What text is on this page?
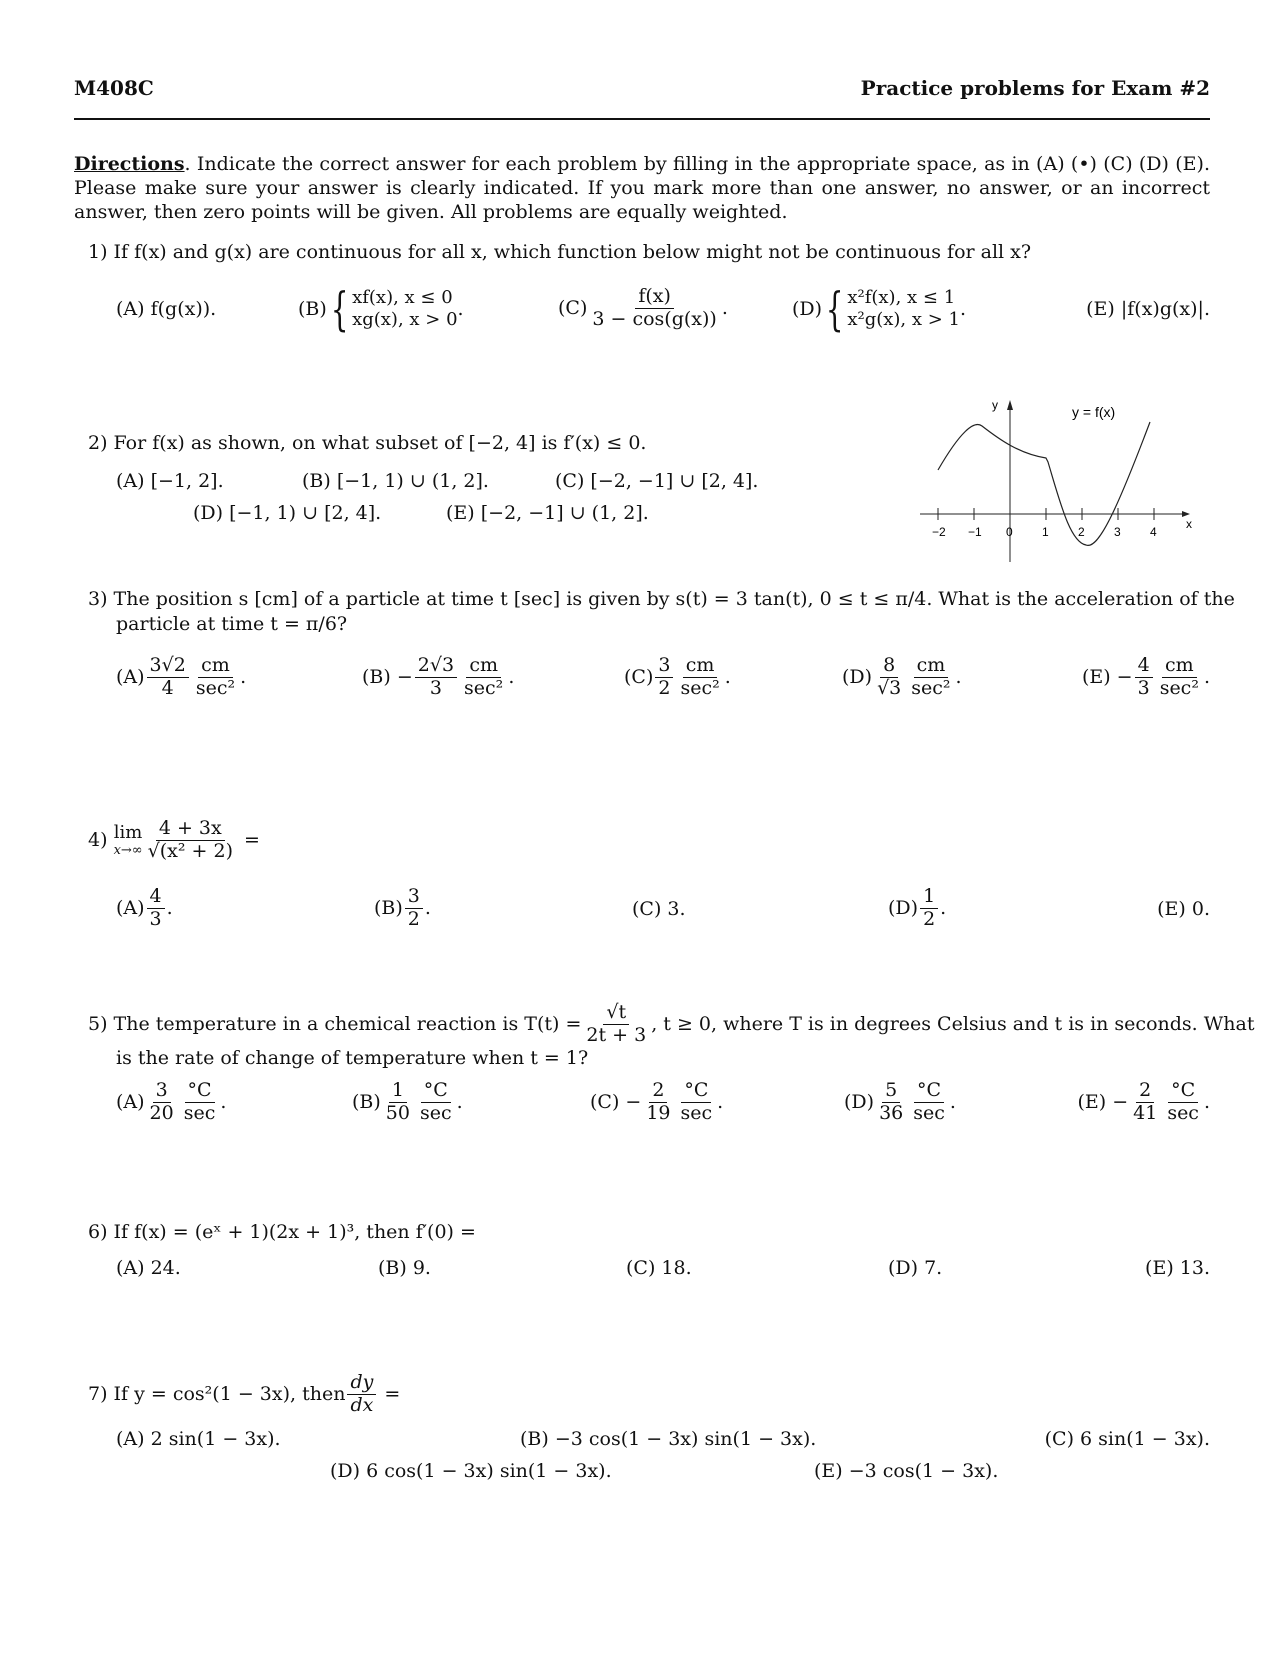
M408C	Practice problems for Exam #2
Directions. Indicate the correct answer for each problem by filling in the appropriate space, as in (A) (•) (C) (D) (E). Please make sure your answer is clearly indicated. If you mark more than one answer, no answer, or an incorrect answer, then zero points will be given. All problems are equally weighted.
1) If f(x) and g(x) are continuous for all x, which function below might not be continuous for all x?
(A) f(g(x)).	(B) { xf(x), x ≤ 0
xg(x), x > 0 .	$(C) \frac{f(x)}{3 - \cos(g(x))}$ .	(D) { x²f(x), x ≤ 1
x²g(x), x > 1 .	(E) |f(x)g(x)|.
2) For f(x) as shown, on what subset of [−2, 4] is f′(x) ≤ 0.
(A) [−1, 2].	(B) [−1, 1) ∪ (1, 2].	(C) [−2, −1] ∪ [2, 4].
(D) [−1, 1) ∪ [2, 4].	(E) [−2, −1] ∪ (1, 2].
y
x
y = f(x)
−2 −1 0 1 2 3 4
3) The position s [cm] of a particle at time t [sec] is given by s(t) = 3 tan(t), 0 ≤ t ≤ π/4. What is the acceleration of the
particle at time t = π/6?
$(A) \frac{3√2}{4} \frac{cm}{\text{sec²}}$ .	$(B) - \frac{2√3}{3} \frac{cm}{\text{sec²}}$ .	$(C) \frac{3}{2} \frac{cm}{\text{sec²}}$ .	$(D) \frac{8}{√3} \frac{cm}{\text{sec²}}$ .	$(E) - \frac{4}{3} \frac{cm}{\text{sec²}}$ .
4)
lim
$x\to\infty \frac{4 + 3x}{\text{√(x² + 2)}}$
=
$(A) \frac{4}{3}$ .	$(B) \frac{3}{2}$ .	(C) 3.	$(D) \frac{1}{2}$ .	(E) 0.
5) The temperature in a chemical reaction is $T(t) = \frac{√t}{2t + 3}$ , t ≥ 0, where T is in degrees Celsius and t is in seconds. What
is the rate of change of temperature when t = 1?
$(A) \frac{3}{20} \frac{^\circ C}{\sec}$ .	$(B) \frac{1}{50} \frac{^\circ C}{\sec}$ .	$(C) - \frac{2}{19} \frac{^\circ C}{\sec}$ .	$(D) \frac{5}{36} \frac{^\circ C}{\sec}$ .	$(E) - \frac{2}{41} \frac{^\circ C}{\sec}$ .
6) If f(x) = (eˣ + 1)(2x + 1)³, then f′(0) =
(A) 24.	(B) 9.	(C) 18.	(D) 7.	(E) 13.
7) If y = cos²(1 − 3x), then $\frac{dy}{dx}$
=
(A) 2 sin(1 − 3x).	(B) −3 cos(1 − 3x) sin(1 − 3x).	(C) 6 sin(1 − 3x).
(D) 6 cos(1 − 3x) sin(1 − 3x).	(E) −3 cos(1 − 3x).
